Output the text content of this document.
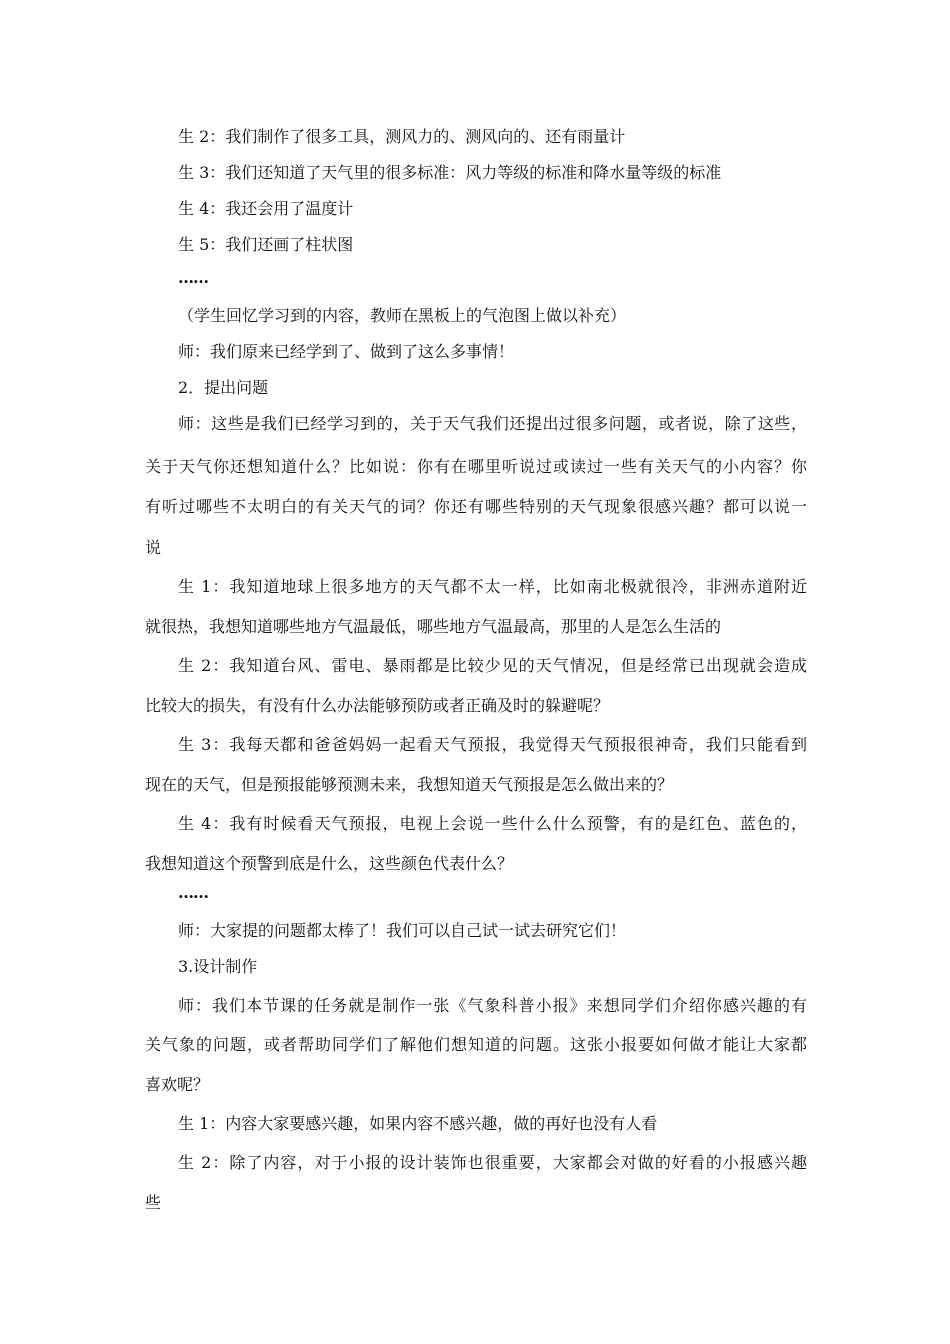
生 2：我们制作了很多工具，测风力的、测风向的、还有雨量计
生 3：我们还知道了天气里的很多标准：风力等级的标准和降水量等级的标准
生 4：我还会用了温度计
生 5：我们还画了柱状图
……
（学生回忆学习到的内容，教师在黑板上的气泡图上做以补充）
师：我们原来已经学到了、做到了这么多事情！
2．提出问题
师：这些是我们已经学习到的，关于天气我们还提出过很多问题，或者说，除了这些，
关于天气你还想知道什么？比如说：你有在哪里听说过或读过一些有关天气的小内容？你
有听过哪些不太明白的有关天气的词？你还有哪些特别的天气现象很感兴趣？都可以说一
说
生 1：我知道地球上很多地方的天气都不太一样，比如南北极就很冷，非洲赤道附近
就很热，我想知道哪些地方气温最低，哪些地方气温最高，那里的人是怎么生活的
生 2：我知道台风、雷电、暴雨都是比较少见的天气情况，但是经常已出现就会造成
比较大的损失，有没有什么办法能够预防或者正确及时的躲避呢？
生 3：我每天都和爸爸妈妈一起看天气预报，我觉得天气预报很神奇，我们只能看到
现在的天气，但是预报能够预测未来，我想知道天气预报是怎么做出来的？
生 4：我有时候看天气预报，电视上会说一些什么什么预警，有的是红色、蓝色的，
我想知道这个预警到底是什么，这些颜色代表什么？
……
师：大家提的问题都太棒了！我们可以自己试一试去研究它们！
3.设计制作
师：我们本节课的任务就是制作一张《气象科普小报》来想同学们介绍你感兴趣的有
关气象的问题，或者帮助同学们了解他们想知道的问题。这张小报要如何做才能让大家都
喜欢呢？
生 1：内容大家要感兴趣，如果内容不感兴趣，做的再好也没有人看
生 2：除了内容，对于小报的设计装饰也很重要，大家都会对做的好看的小报感兴趣
些
